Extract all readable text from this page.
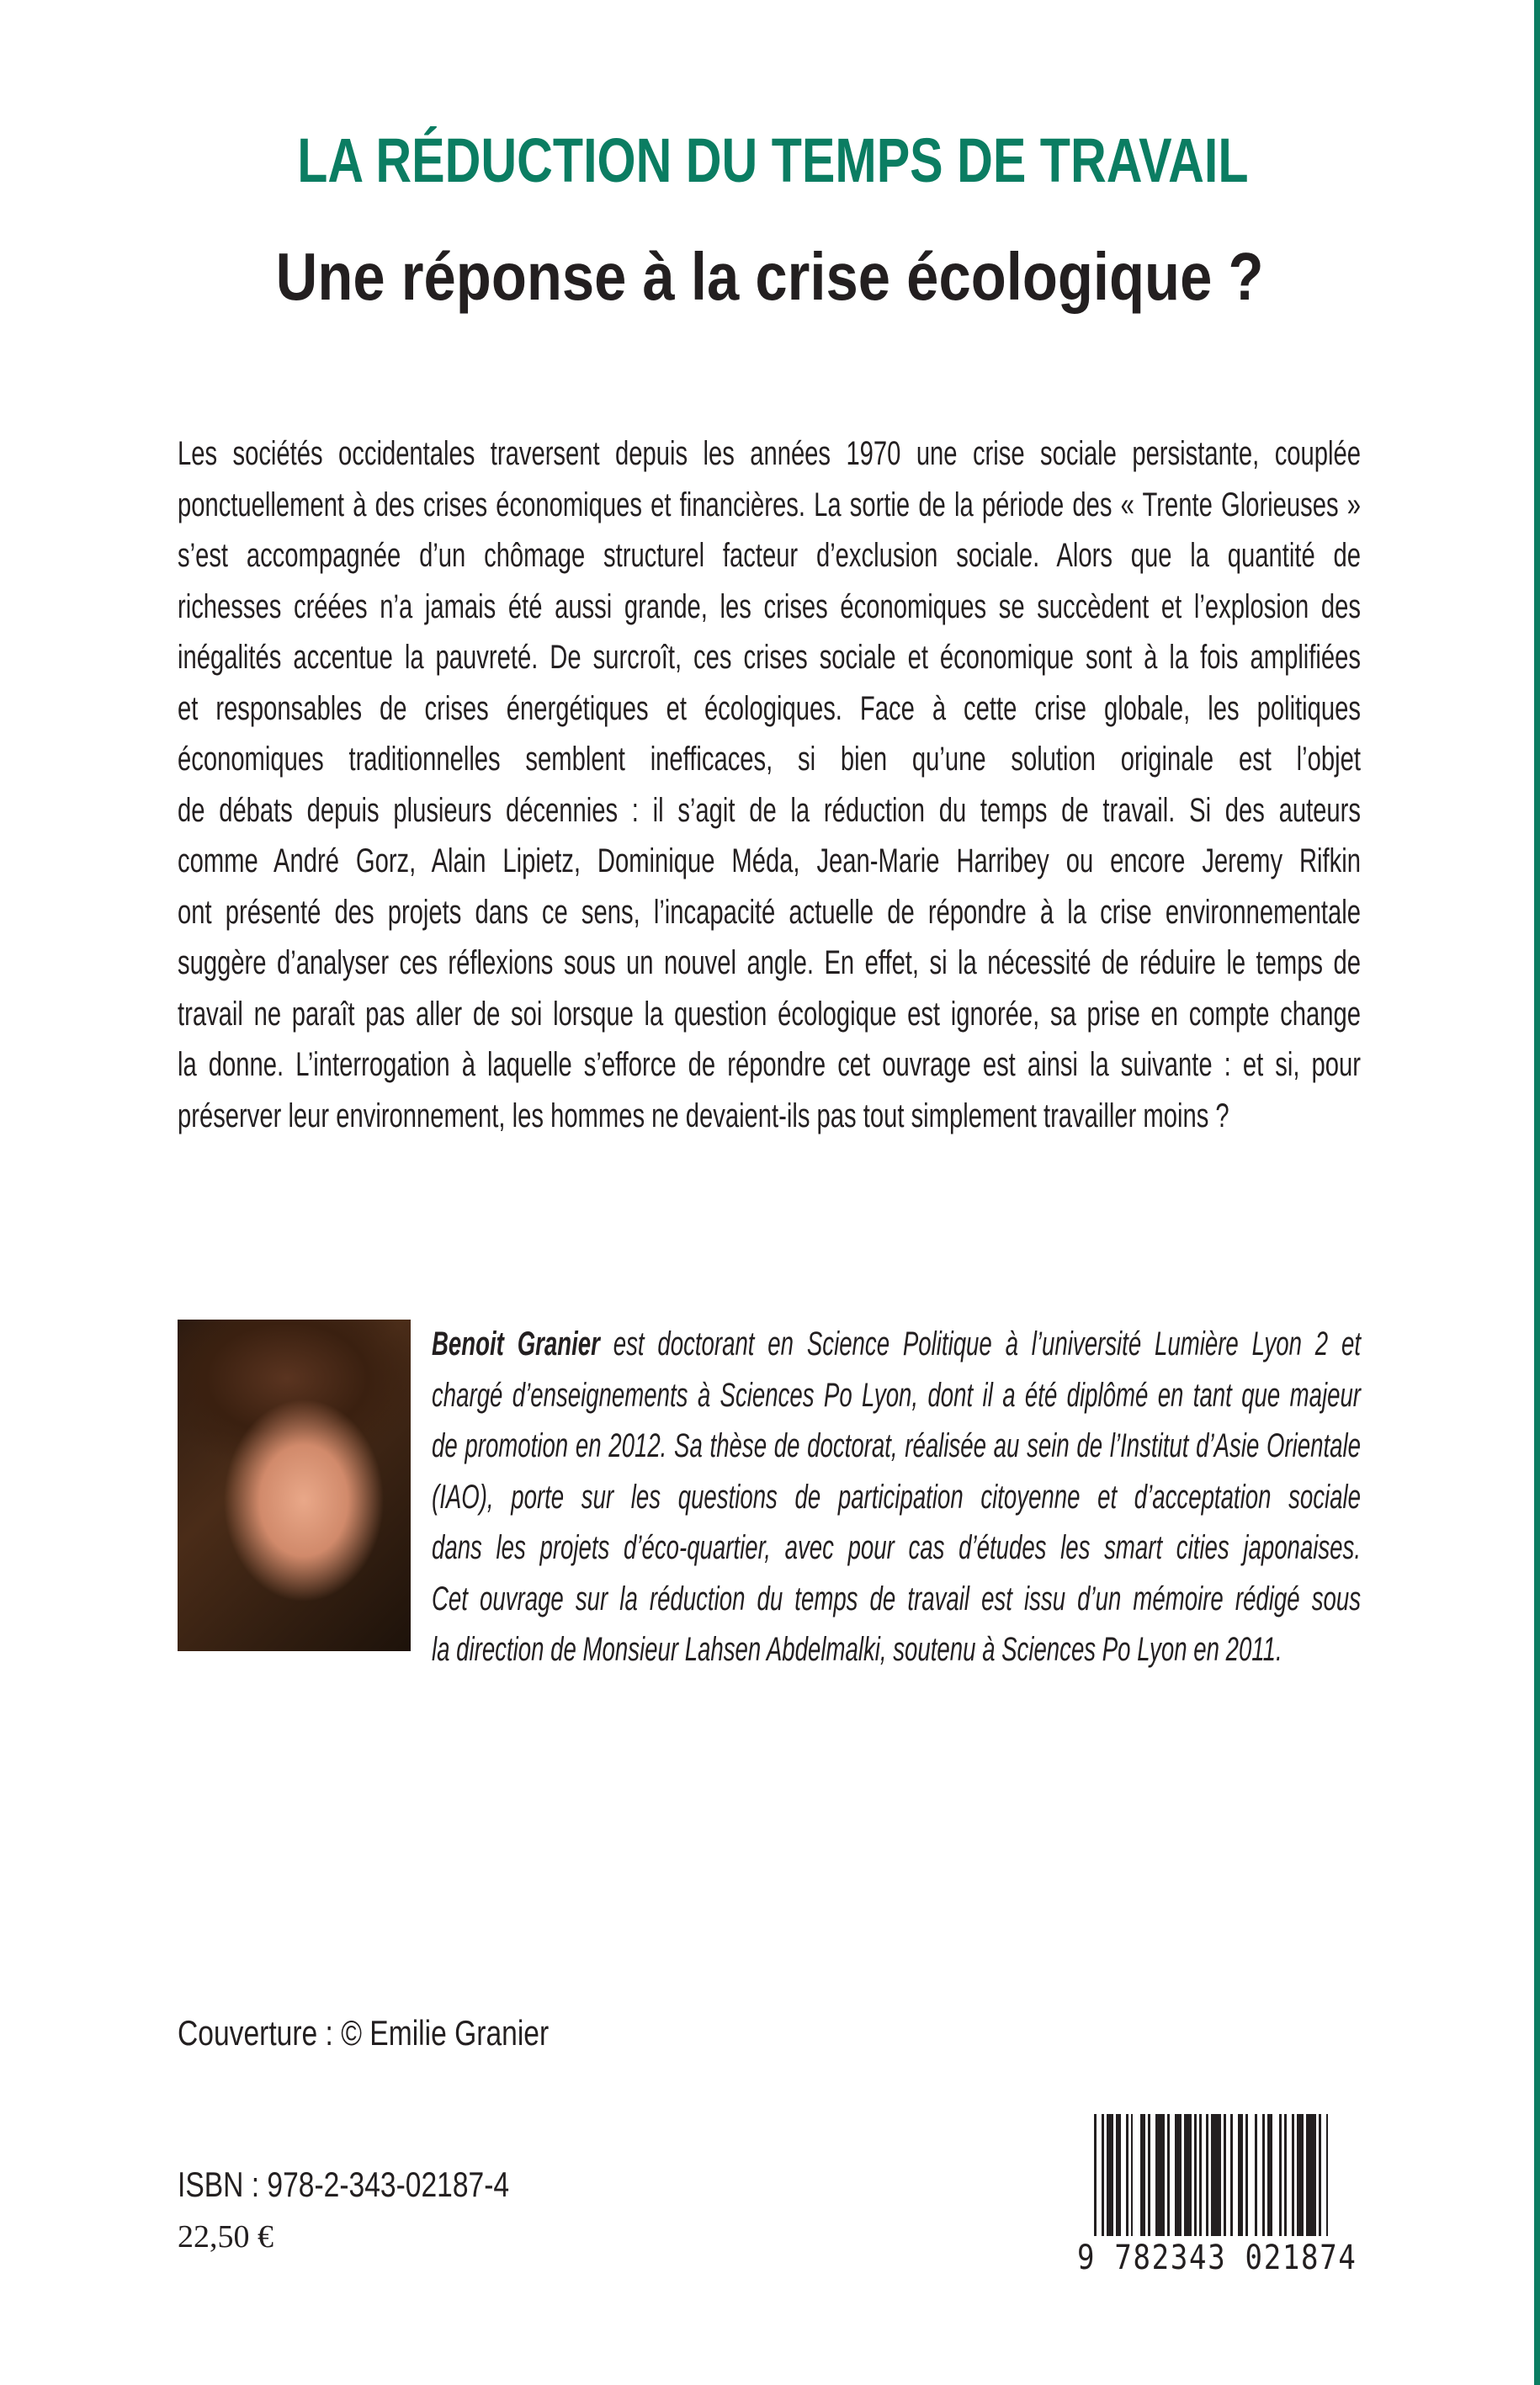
LA RÉDUCTION DU TEMPS DE TRAVAIL
Une réponse à la crise écologique ?
Les sociétés occidentales traversent depuis les années 1970 une crise sociale persistante, couplée
ponctuellement à des crises économiques et financières. La sortie de la période des « Trente Glorieuses »
s’est accompagnée d’un chômage structurel facteur d’exclusion sociale. Alors que la quantité de
richesses créées n’a jamais été aussi grande, les crises économiques se succèdent et l’explosion des
inégalités accentue la pauvreté. De surcroît, ces crises sociale et économique sont à la fois amplifiées
et responsables de crises énergétiques et écologiques. Face à cette crise globale, les politiques
économiques traditionnelles semblent inefficaces, si bien qu’une solution originale est l’objet
de débats depuis plusieurs décennies : il s’agit de la réduction du temps de travail. Si des auteurs
comme André Gorz, Alain Lipietz, Dominique Méda, Jean-Marie Harribey ou encore Jeremy Rifkin
ont présenté des projets dans ce sens, l’incapacité actuelle de répondre à la crise environnementale
suggère d’analyser ces réflexions sous un nouvel angle. En effet, si la nécessité de réduire le temps de
travail ne paraît pas aller de soi lorsque la question écologique est ignorée, sa prise en compte change
la donne. L’interrogation à laquelle s’efforce de répondre cet ouvrage est ainsi la suivante : et si, pour
préserver leur environnement, les hommes ne devaient-ils pas tout simplement travailler moins ?
Benoit Granier est doctorant en Science Politique à l’université Lumière Lyon 2 et
chargé d’enseignements à Sciences Po Lyon, dont il a été diplômé en tant que majeur
de promotion en 2012. Sa thèse de doctorat, réalisée au sein de l’Institut d’Asie Orientale
(IAO), porte sur les questions de participation citoyenne et d’acceptation sociale
dans les projets d’éco-quartier, avec pour cas d’études les smart cities japonaises.
Cet ouvrage sur la réduction du temps de travail est issu d’un mémoire rédigé sous
la direction de Monsieur Lahsen Abdelmalki, soutenu à Sciences Po Lyon en 2011.
Couverture : © Emilie Granier
ISBN : 978-2-343-02187-4
22,50 €
9 782343 021874
